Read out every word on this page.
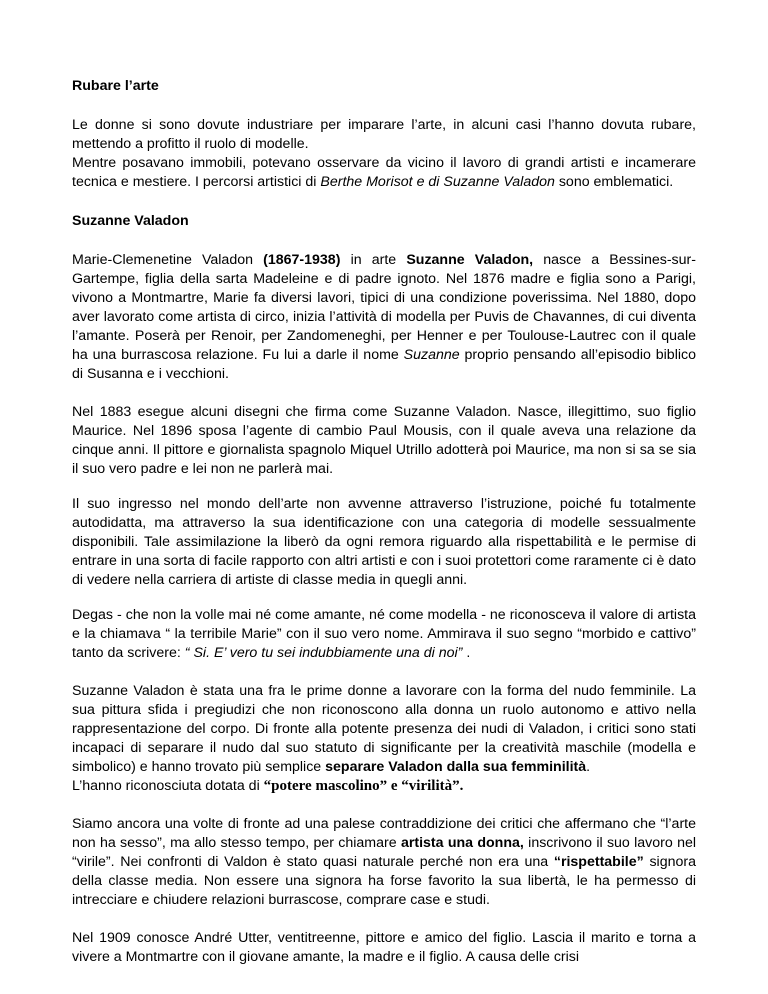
Rubare l’arte

Le donne si sono dovute industriare per imparare l’arte, in alcuni casi l’hanno dovuta rubare, mettendo a profitto il ruolo di modelle.
Mentre posavano immobili, potevano osservare da vicino il lavoro di grandi artisti e incamerare tecnica e mestiere. I percorsi artistici di Berthe Morisot e di Suzanne Valadon sono emblematici.

Suzanne Valadon

Marie-Clemenetine Valadon (1867-1938) in arte Suzanne Valadon, nasce a Bessines-sur-Gartempe, figlia della sarta Madeleine e di padre ignoto. Nel 1876 madre e figlia sono a Parigi, vivono a Montmartre, Marie fa diversi lavori, tipici di una condizione poverissima. Nel 1880, dopo aver lavorato come artista di circo, inizia l’attività di modella per Puvis de Chavannes, di cui diventa l’amante. Poserà per Renoir, per Zandomeneghi, per Henner e per Toulouse-Lautrec con il quale ha una burrascosa relazione. Fu lui a darle il nome Suzanne proprio pensando all’episodio biblico di Susanna e i vecchioni.

Nel 1883 esegue alcuni disegni che firma come Suzanne Valadon. Nasce, illegittimo, suo figlio Maurice. Nel 1896 sposa l’agente di cambio Paul Mousis, con il quale aveva una relazione da cinque anni. Il pittore e giornalista spagnolo Miquel Utrillo adotterà poi Maurice, ma non si sa se sia il suo vero padre e lei non ne parlerà mai.

Il suo ingresso nel mondo dell’arte non avvenne attraverso l’istruzione, poiché fu totalmente autodidatta, ma attraverso la sua identificazione con una categoria di modelle sessualmente disponibili. Tale assimilazione la liberò da ogni remora riguardo alla rispettabilità e le permise di entrare in una sorta di facile rapporto con altri artisti e con i suoi protettori come raramente ci è dato di vedere nella carriera di artiste di classe media in quegli anni.

Degas - che non la volle mai né come amante, né come modella - ne riconosceva il valore di artista e la chiamava “ la terribile Marie” con il suo vero nome. Ammirava il suo segno “morbido e cattivo” tanto da scrivere: “ Si. E’ vero tu sei indubbiamente una di noi” .

Suzanne Valadon è stata una fra le prime donne a lavorare con la forma del nudo femminile. La sua pittura sfida i pregiudizi che non riconoscono alla donna un ruolo autonomo e attivo nella rappresentazione del corpo. Di fronte alla potente presenza dei nudi di Valadon, i critici sono stati incapaci di separare il nudo dal suo statuto di significante per la creatività maschile (modella e simbolico) e hanno trovato più semplice separare Valadon dalla sua femminilità.
L’hanno riconosciuta dotata di “potere mascolino” e “virilità”.

Siamo ancora una volte di fronte ad una palese contraddizione dei critici che affermano che “l’arte non ha sesso”, ma allo stesso tempo, per chiamare artista una donna, inscrivono il suo lavoro nel “virile”. Nei confronti di Valdon è stato quasi naturale perché non era una “rispettabile” signora della classe media. Non essere una signora ha forse favorito la sua libertà, le ha permesso di intrecciare e chiudere relazioni burrascose, comprare case e studi.

Nel 1909 conosce André Utter, ventitreenne, pittore e amico del figlio. Lascia il marito e torna a vivere a Montmartre con il giovane amante, la madre e il figlio. A causa delle crisi
